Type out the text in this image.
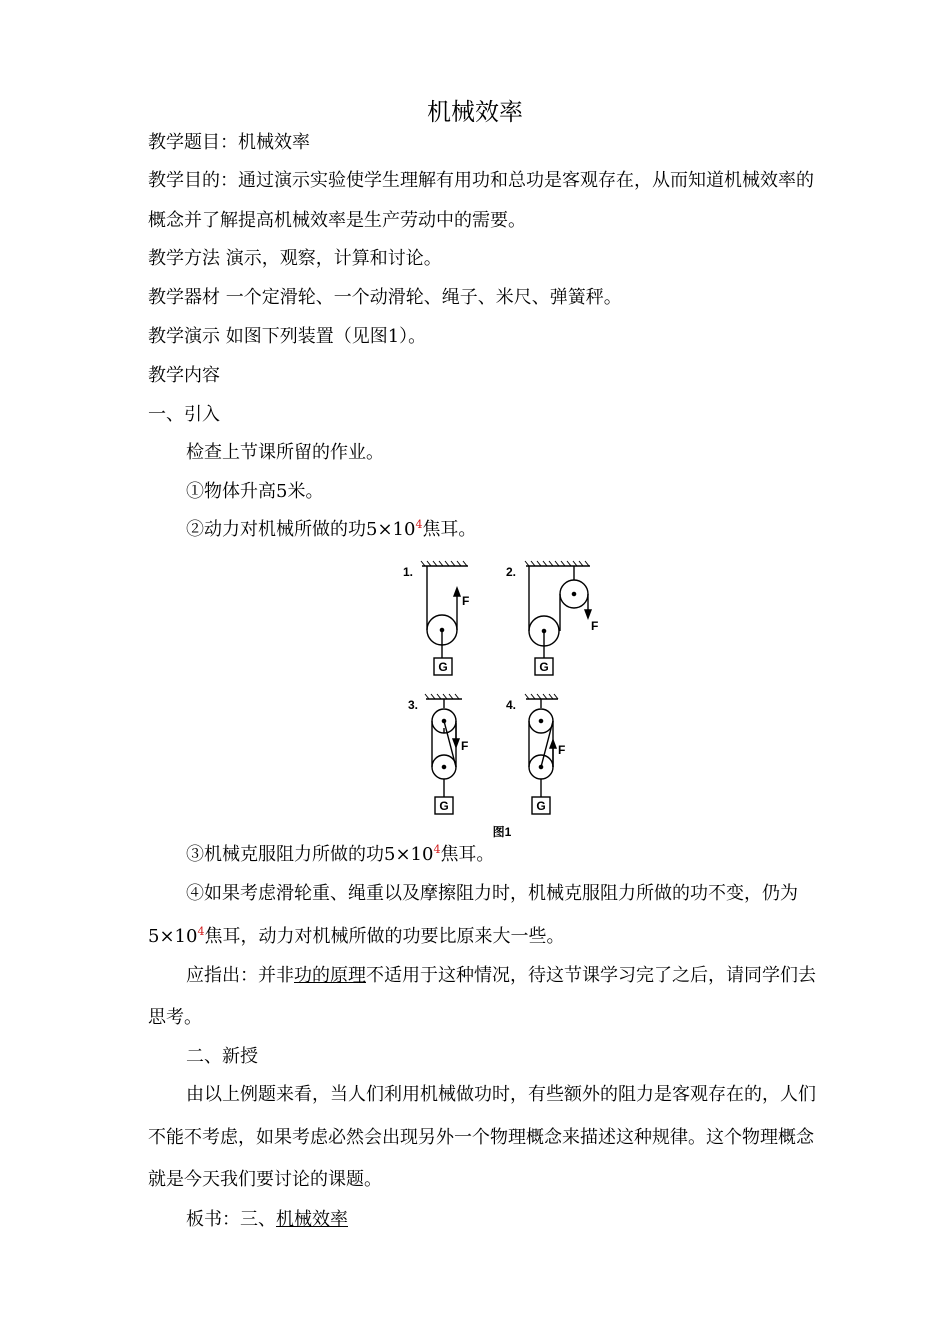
机械效率
教学题目：机械效率
教学目的：通过演示实验使学生理解有用功和总功是客观存在，从而知道机械效率的
概念并了解提高机械效率是生产劳动中的需要。
教学方法 演示，观察，计算和讨论。
教学器材 一个定滑轮、一个动滑轮、绳子、米尺、弹簧秤。
教学演示 如图下列装置（见图1）。
教学内容
一、引入
检查上节课所留的作业。
①物体升高5米。
②动力对机械所做的功$5\times 10^4$焦耳。
1.	2.
3.	4.
F
F
F	F
G	G
G	G
图1
③机械克服阻力所做的功$5\times 10^4$焦耳。
④如果考虑滑轮重、绳重以及摩擦阻力时，机械克服阻力所做的功不变，仍为
$5\times 10^4$焦耳，动力对机械所做的功要比原来大一些。
应指出：并非功的原理不适用于这种情况，待这节课学习完了之后，请同学们去
思考。
二、新授
由以上例题来看，当人们利用机械做功时，有些额外的阻力是客观存在的，人们
不能不考虑，如果考虑必然会出现另外一个物理概念来描述这种规律。这个物理概念
就是今天我们要讨论的课题。
板书：三、机械效率
